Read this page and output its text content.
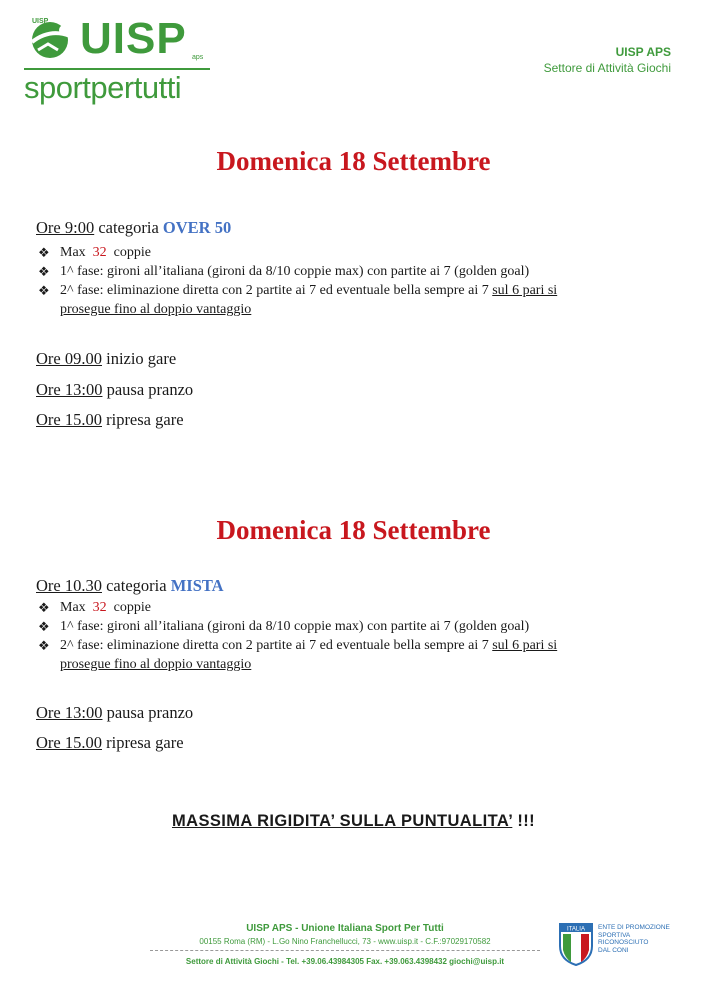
UISP UISP aps
sportpertutti
UISP APS
Settore di Attività Giochi
Domenica 18 Settembre
Ore 9:00 categoria OVER 50
❖ Max 32 coppie
❖ 1^ fase: gironi all’italiana (gironi da 8/10 coppie max) con partite ai 7 (golden goal)
❖ 2^ fase: eliminazione diretta con 2 partite ai 7 ed eventuale bella sempre ai 7 sul 6 pari si
prosegue fino al doppio vantaggio
Ore 09.00 inizio gare
Ore 13:00 pausa pranzo
Ore 15.00 ripresa gare
Domenica 18 Settembre
Ore 10.30 categoria MISTA
❖ Max 32 coppie
❖ 1^ fase: gironi all’italiana (gironi da 8/10 coppie max) con partite ai 7 (golden goal)
❖ 2^ fase: eliminazione diretta con 2 partite ai 7 ed eventuale bella sempre ai 7 sul 6 pari si
prosegue fino al doppio vantaggio
Ore 13:00 pausa pranzo
Ore 15.00 ripresa gare
MASSIMA RIGIDITA’ SULLA PUNTUALITA’ !!!
UISP APS - Unione Italiana Sport Per Tutti
00155 Roma (RM) - L.Go Nino Franchellucci, 73 - www.uisp.it - C.F.:97029170582
Settore di Attività Giochi - Tel. +39.06.43984305 Fax. +39.063.4398432 giochi@uisp.it
ITALIA ENTE DI PROMOZIONE
SPORTIVA
RICONOSCIUTO
DAL CONI
